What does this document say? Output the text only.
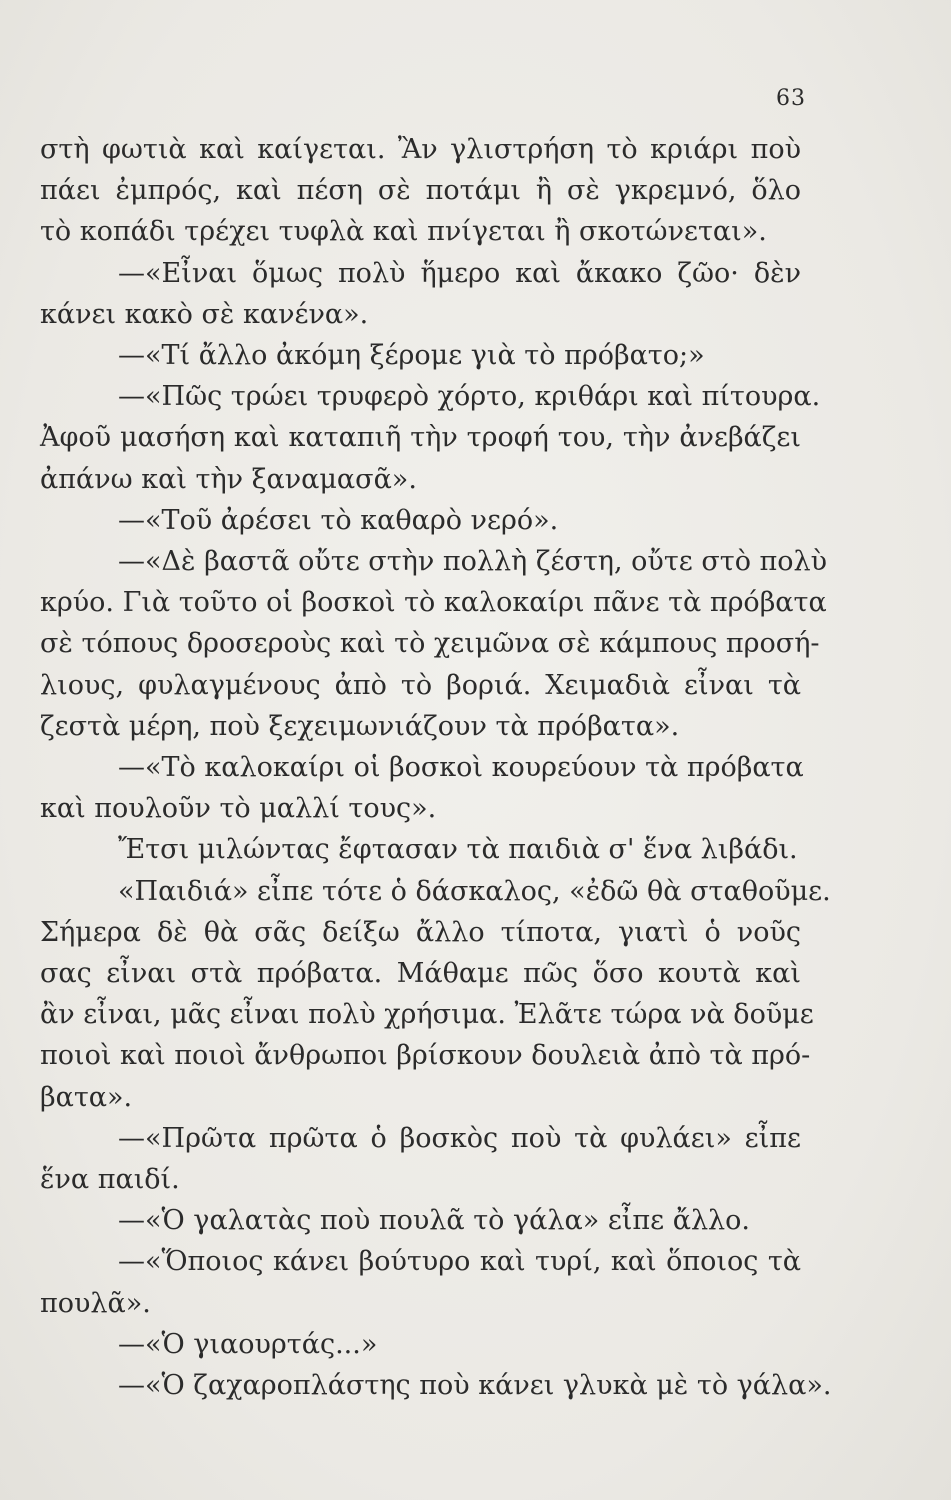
63
στὴ φωτιὰ καὶ καίγεται. Ἂν γλιστρήση τὸ κριάρι ποὺ
πάει ἐμπρός, καὶ πέση σὲ ποτάμι ἢ σὲ γκρεμνό, ὅλο
τὸ κοπάδι τρέχει τυφλὰ καὶ πνίγεται ἢ σκοτώνεται».
—«Εἶναι ὅμως πολὺ ἥμερο καὶ ἄκακο ζῶο· δὲν
κάνει κακὸ σὲ κανένα».
—«Τί ἄλλο ἀκόμη ξέρομε γιὰ τὸ πρόβατο;»
—«Πῶς τρώει τρυφερὸ χόρτο, κριθάρι καὶ πίτουρα.
Ἀφοῦ μασήση καὶ καταπιῆ τὴν τροφή του, τὴν ἀνεβάζει
ἀπάνω καὶ τὴν ξαναμασᾶ».
—«Τοῦ ἀρέσει τὸ καθαρὸ νερό».
—«Δὲ βαστᾶ οὔτε στὴν πολλὴ ζέστη, οὔτε στὸ πολὺ
κρύο. Γιὰ τοῦτο οἱ βοσκοὶ τὸ καλοκαίρι πᾶνε τὰ πρόβατα
σὲ τόπους δροσεροὺς καὶ τὸ χειμῶνα σὲ κάμπους προσή-
λιους, φυλαγμένους ἀπὸ τὸ βοριά. Χειμαδιὰ εἶναι τὰ
ζεστὰ μέρη, ποὺ ξεχειμωνιάζουν τὰ πρόβατα».
—«Τὸ καλοκαίρι οἱ βοσκοὶ κουρεύουν τὰ πρόβατα
καὶ πουλοῦν τὸ μαλλί τους».
Ἔτσι μιλώντας ἔφτασαν τὰ παιδιὰ σ' ἕνα λιβάδι.
«Παιδιά» εἶπε τότε ὁ δάσκαλος, «ἐδῶ θὰ σταθοῦμε.
Σήμερα δὲ θὰ σᾶς δείξω ἄλλο τίποτα, γιατὶ ὁ νοῦς
σας εἶναι στὰ πρόβατα. Μάθαμε πῶς ὅσο κουτὰ καὶ
ἂν εἶναι, μᾶς εἶναι πολὺ χρήσιμα. Ἐλᾶτε τώρα νὰ δοῦμε
ποιοὶ καὶ ποιοὶ ἄνθρωποι βρίσκουν δουλειὰ ἀπὸ τὰ πρό-
βατα».
—«Πρῶτα πρῶτα ὁ βοσκὸς ποὺ τὰ φυλάει» εἶπε
ἕνα παιδί.
—«Ὁ γαλατὰς ποὺ πουλᾶ τὸ γάλα» εἶπε ἄλλο.
—«Ὅποιος κάνει βούτυρο καὶ τυρί, καὶ ὅποιος τὰ
πουλᾶ».
—«Ὁ γιαουρτάς...»
—«Ὁ ζαχαροπλάστης ποὺ κάνει γλυκὰ μὲ τὸ γάλα».
